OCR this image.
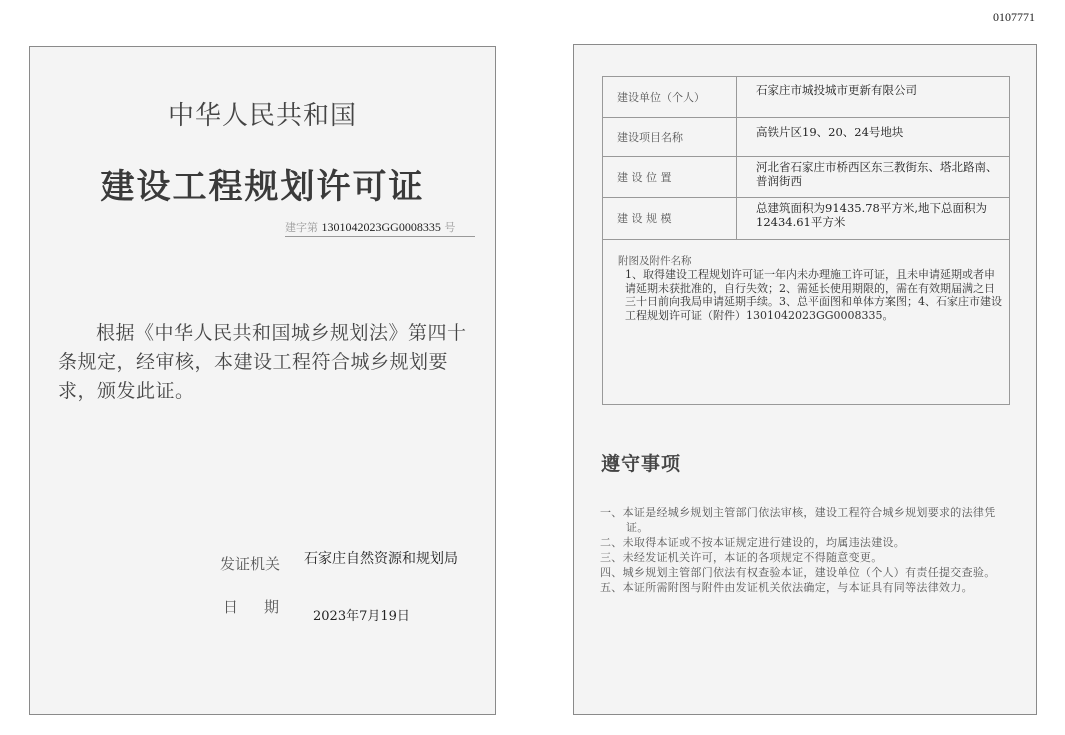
0107771
中华人民共和国
建设工程规划许可证
建字第 130104202​3GG0008335 号
根据《中华人民共和国城乡规划法》第四十条规定，经审核，本建设工程符合城乡规划要求，颁发此证。
发证机关 石家庄自然资源和规划局
日期
2023年7月19日
建设单位（个人）
石家庄市城投城市更新有限公司
建设项目名称	高铁片区19、20、24号地块
建 设 位 置
河北省石家庄市桥西区东三教街东、塔北路南、普润街西
建 设 规 模
总建筑面积为91435.78平方米,地下总面积为12434.61平方米
附图及附件名称
1、取得建设工程规划许可证一年内未办理施工许可证，且未申请延期或者申请延期未获批准的，自行失效；2、需延长使用期限的，需在有效期届满之日三十日前向我局申请延期手续。3、总平面图和单体方案图；4、石家庄市建设工程规划许可证（附件）1301042023GG0008335。
遵守事项
一、本证是经城乡规划主管部门依法审核，建设工程符合城乡规划要求的法律凭证。
二、未取得本证或不按本证规定进行建设的，均属违法建设。
三、未经发证机关许可，本证的各项规定不得随意变更。
四、城乡规划主管部门依法有权查验本证，建设单位（个人）有责任提交查验。
五、本证所需附图与附件由发证机关依法确定，与本证具有同等法律效力。
